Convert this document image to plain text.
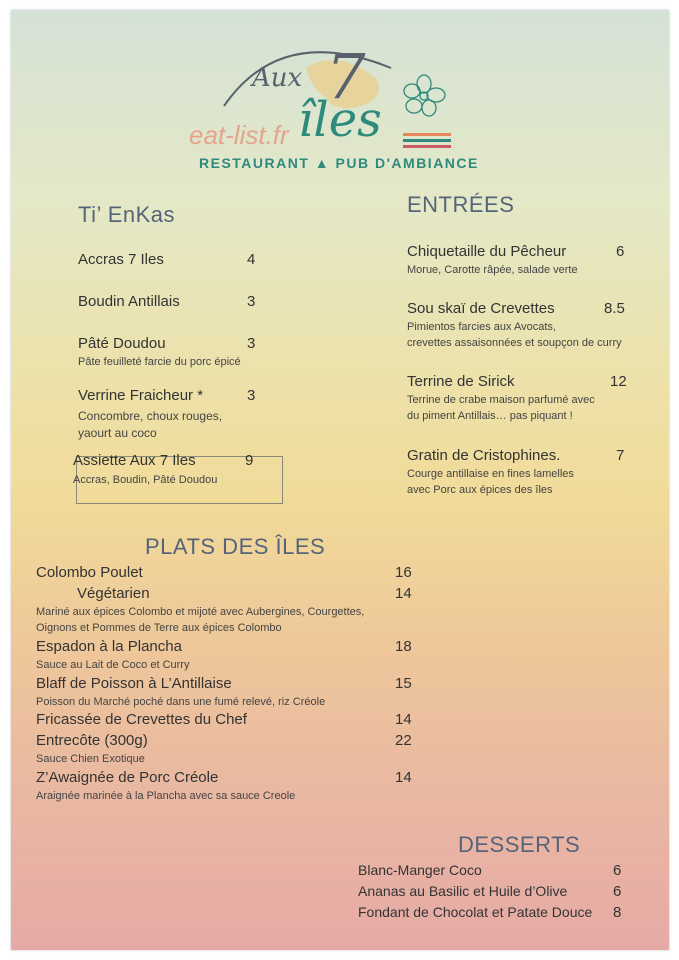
Aux 7
îles
eat-list.fr
RESTAURANT ▲ PUB D'AMBIANCE
Ti’ EnKas
Accras 7 Iles	4
Boudin Antillais	3
Pâté Doudou	3
Pâte feuilleté farcie du porc épicé
Verrine Fraicheur *	3
Concombre, choux rouges,
yaourt au coco
Assiette Aux 7 Iles	9
Accras, Boudin, Pâté Doudou
ENTRÉES
Chiquetaille du Pêcheur	6
Morue, Carotte râpée, salade verte
Sou skaï de Crevettes	8.5
Pimientos farcies aux Avocats,
crevettes assaisonnées et soupçon de curry
Terrine de Sirick	12
Terrine de crabe maison parfumé avec
du piment Antillais… pas piquant !
Gratin de Cristophines.	7
Courge antillaise en fines lamelles
avec Porc aux épices des îles
PLATS DES ÎLES
Colombo Poulet	16
Végétarien	14
Mariné aux épices Colombo et mijoté avec Aubergines, Courgettes,
Oignons et Pommes de Terre aux épices Colombo
Espadon à la Plancha	18
Sauce au Lait de Coco et Curry
Blaff de Poisson à L’Antillaise	15
Poisson du Marché poché dans une fumé relevé, riz Créole
Fricassée de Crevettes du Chef	14
Entrecôte (300g)	22
Sauce Chien Exotique
Z’Awaignée de Porc Créole	14
Araignée marinée à la Plancha avec sa sauce Creole
DESSERTS
Blanc-Manger Coco	6
Ananas au Basilic et Huile d’Olive	6
Fondant de Chocolat et Patate Douce 8
